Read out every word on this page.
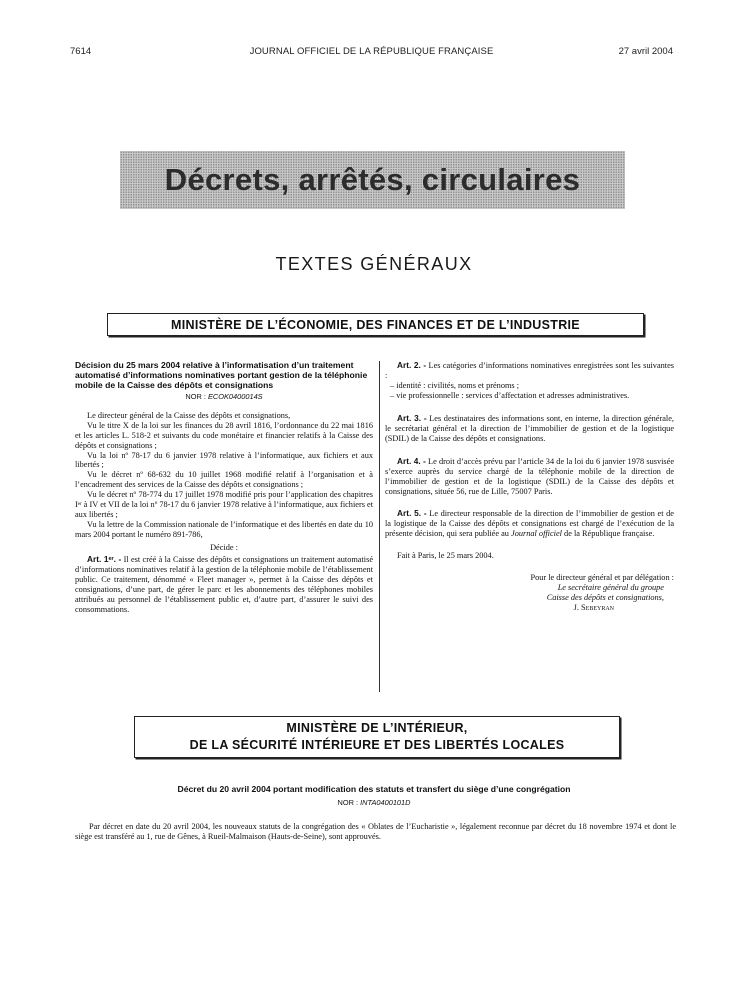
7614	JOURNAL OFFICIEL DE LA RÉPUBLIQUE FRANÇAISE	27 avril 2004
Décrets, arrêtés, circulaires
TEXTES GÉNÉRAUX
MINISTÈRE DE L’ÉCONOMIE, DES FINANCES ET DE L’INDUSTRIE
Décision du 25 mars 2004 relative à l’informatisation d’un traitement automatisé d’informations nominatives portant gestion de la téléphonie mobile de la Caisse des dépôts et consignations
NOR : ECOK0400014S

Le directeur général de la Caisse des dépôts et consignations,

Vu le titre X de la loi sur les finances du 28 avril 1816, l’ordonnance du 22 mai 1816 et les articles L. 518-2 et suivants du code monétaire et financier relatifs à la Caisse des dépôts et consignations ;

Vu la loi nº 78-17 du 6 janvier 1978 relative à l’informatique, aux fichiers et aux libertés ;

Vu le décret nº 68-632 du 10 juillet 1968 modifié relatif à l’organisation et à l’encadrement des services de la Caisse des dépôts et consignations ;

Vu le décret nº 78-774 du 17 juillet 1978 modifié pris pour l’application des chapitres Iᵉʳ à IV et VII de la loi nº 78-17 du 6 janvier 1978 relative à l’informatique, aux fichiers et aux libertés ;

Vu la lettre de la Commission nationale de l’informatique et des libertés en date du 10 mars 2004 portant le numéro 891-786,

Décide :

Art. 1ᵉʳ. - Il est créé à la Caisse des dépôts et consignations un traitement automatisé d’informations nominatives relatif à la gestion de la téléphonie mobile de l’établissement public. Ce traitement, dénommé « Fleet manager », permet à la Caisse des dépôts et consignations, d’une part, de gérer le parc et les abonnements des téléphones mobiles attribués au personnel de l’établissement public et, d’autre part, d’assurer le suivi des consommations.

Art. 2. - Les catégories d’informations nominatives enregistrées sont les suivantes :

– identité : civilités, noms et prénoms ;
– vie professionnelle : services d’affectation et adresses administratives.

Art. 3. - Les destinataires des informations sont, en interne, la direction générale, le secrétariat général et la direction de l’immobilier de gestion et de la logistique (SDIL) de la Caisse des dépôts et consignations.

Art. 4. - Le droit d’accès prévu par l’article 34 de la loi du 6 janvier 1978 susvisée s’exerce auprès du service chargé de la téléphonie mobile de la direction de l’immobilier de gestion et de la logistique (SDIL) de la Caisse des dépôts et consignations, située 56, rue de Lille, 75007 Paris.

Art. 5. - Le directeur responsable de la direction de l’immobilier de gestion et de la logistique de la Caisse des dépôts et consignations est chargé de l’exécution de la présente décision, qui sera publiée au Journal officiel de la République française.

Fait à Paris, le 25 mars 2004.

Pour le directeur général et par délégation :
Le secrétaire général du groupe
Caisse des dépôts et consignations,
J. Sebeyran
MINISTÈRE DE L’INTÉRIEUR,
DE LA SÉCURITÉ INTÉRIEURE ET DES LIBERTÉS LOCALES
Décret du 20 avril 2004 portant modification des statuts et transfert du siège d’une congrégation
NOR : INTA0400101D

Par décret en date du 20 avril 2004, les nouveaux statuts de la congrégation des « Oblates de l’Eucharistie », légalement reconnue par décret du 18 novembre 1974 et dont le siège est transféré au 1, rue de Gênes, à Rueil-Malmaison (Hauts-de-Seine), sont approuvés.
